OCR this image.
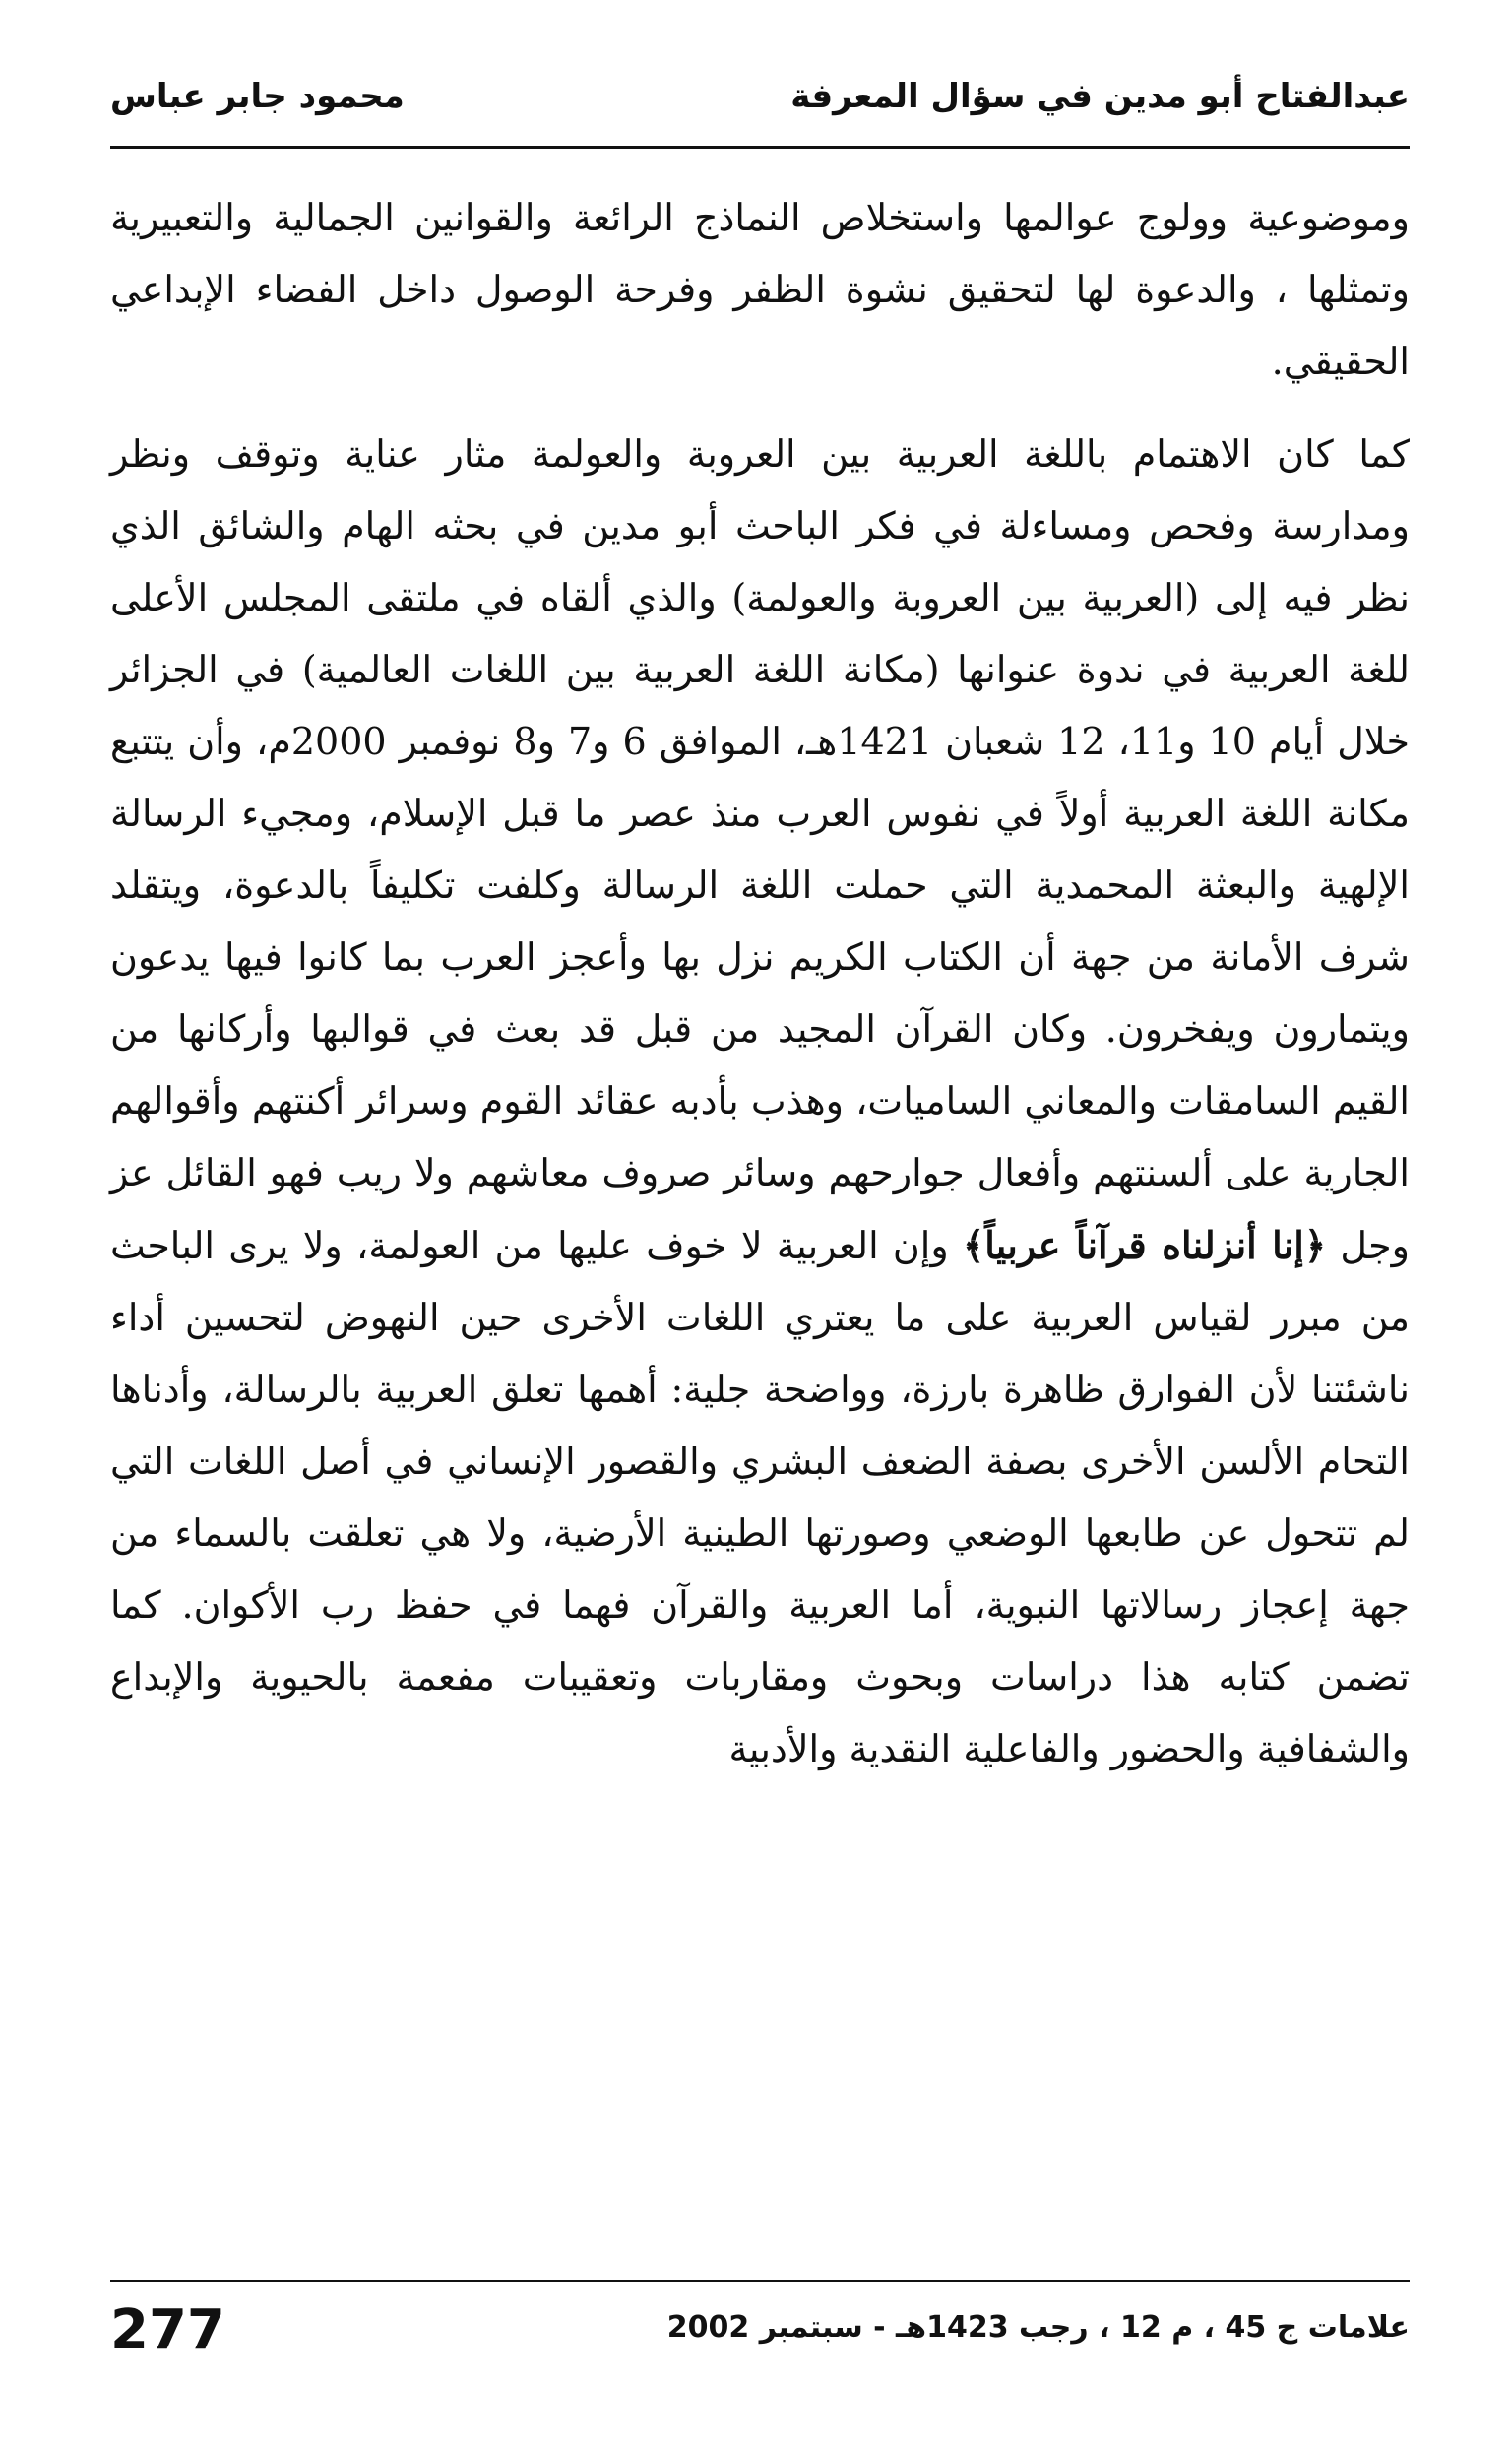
عبدالفتاح أبو مدين في سؤال المعرفة
محمود جابر عباس

وموضوعية وولوج عوالمها واستخلاص النماذج الرائعة والقوانين الجمالية والتعبيرية وتمثلها ، والدعوة لها لتحقيق نشوة الظفر وفرحة الوصول داخل الفضاء الإبداعي الحقيقي.

كما كان الاهتمام باللغة العربية بين العروبة والعولمة مثار عناية وتوقف ونظر ومدارسة وفحص ومساءلة في فكر الباحث أبو مدين في بحثه الهام والشائق الذي نظر فيه إلى (العربية بين العروبة والعولمة) والذي ألقاه في ملتقى المجلس الأعلى للغة العربية في ندوة عنوانها (مكانة اللغة العربية بين اللغات العالمية) في الجزائر خلال أيام 10 و11، 12 شعبان 1421هـ، الموافق 6 و7 و8 نوفمبر 2000م، وأن يتتبع مكانة اللغة العربية أولاً في نفوس العرب منذ عصر ما قبل الإسلام، ومجيء الرسالة الإلهية والبعثة المحمدية التي حملت اللغة الرسالة وكلفت تكليفاً بالدعوة، ويتقلد شرف الأمانة من جهة أن الكتاب الكريم نزل بها وأعجز العرب بما كانوا فيها يدعون ويتمارون ويفخرون. وكان القرآن المجيد من قبل قد بعث في قوالبها وأركانها من القيم السامقات والمعاني الساميات، وهذب بأدبه عقائد القوم وسرائر أكنتهم وأقوالهم الجارية على ألسنتهم وأفعال جوارحهم وسائر صروف معاشهم ولا ريب فهو القائل عز وجل ﴿إنا أنزلناه قرآناً عربياً﴾ وإن العربية لا خوف عليها من العولمة، ولا يرى الباحث من مبرر لقياس العربية على ما يعتري اللغات الأخرى حين النهوض لتحسين أداء ناشئتنا لأن الفوارق ظاهرة بارزة، وواضحة جلية: أهمها تعلق العربية بالرسالة، وأدناها التحام الألسن الأخرى بصفة الضعف البشري والقصور الإنساني في أصل اللغات التي لم تتحول عن طابعها الوضعي وصورتها الطينية الأرضية، ولا هي تعلقت بالسماء من جهة إعجاز رسالاتها النبوية، أما العربية والقرآن فهما في حفظ رب الأكوان. كما تضمن كتابه هذا دراسات وبحوث ومقاربات وتعقيبات مفعمة بالحيوية والإبداع والشفافية والحضور والفاعلية النقدية والأدبية

علامات ج 45 ، م 12 ، رجب 1423هـ - سبتمبر 2002
277
